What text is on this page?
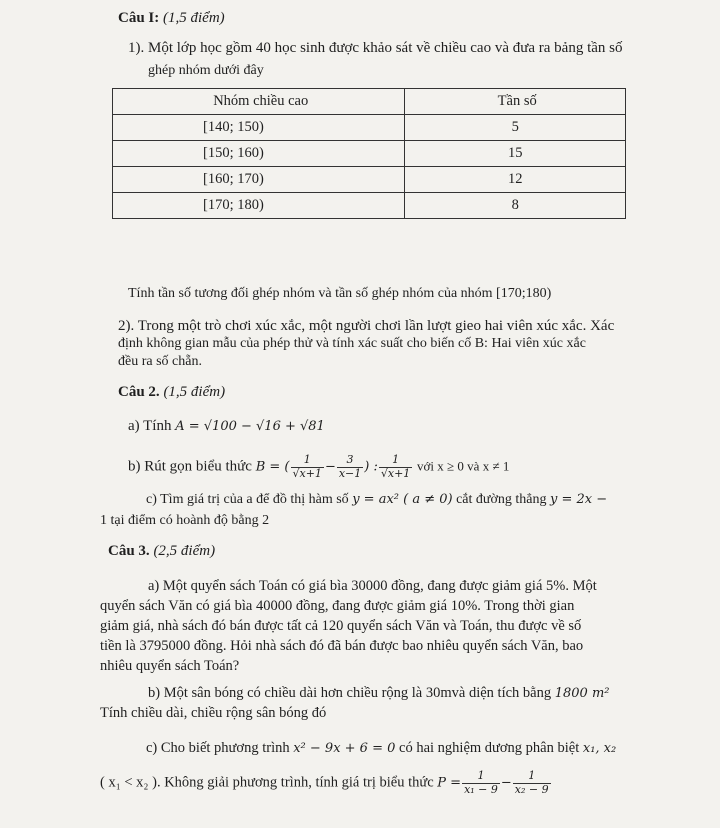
Câu I: (1,5 điểm)
1). Một lớp học gồm 40 học sinh được khảo sát về chiều cao và đưa ra bảng tần số
ghép nhóm dưới đây
Nhóm chiều cao	Tần số
[140; 150)	5
[150; 160)	15
[160; 170)	12
[170; 180)	8
Tính tần số tương đối ghép nhóm và tần số ghép nhóm của nhóm [170;180)
2). Trong một trò chơi xúc xắc, một người chơi lần lượt gieo hai viên xúc xắc. Xác
định không gian mẫu của phép thử và tính xác suất cho biến cố B: Hai viên xúc xắc
đều ra số chẵn.
Câu 2. (1,5 điểm)
a) Tính A = √100 − √16 + √81
b) Rút gọn biểu thức B = ( $\frac{1}{√x+1} - \frac{3}{x-1}$ ) : $\frac{1}{√x+1}$ với x ≥ 0 và x ≠ 1
c) Tìm giá trị của a để đồ thị hàm số y = ax² ( a ≠ 0) cắt đường thẳng y = 2x −
1 tại điểm có hoành độ bằng 2
Câu 3. (2,5 điểm)
a) Một quyển sách Toán có giá bìa 30000 đồng, đang được giảm giá 5%. Một
quyển sách Văn có giá bìa 40000 đồng, đang được giảm giá 10%. Trong thời gian
giảm giá, nhà sách đó bán được tất cả 120 quyển sách Văn và Toán, thu được về số
tiền là 3795000 đồng. Hỏi nhà sách đó đã bán được bao nhiêu quyển sách Văn, bao
nhiêu quyển sách Toán?
b) Một sân bóng có chiều dài hơn chiều rộng là 30mvà diện tích bằng 1800 m²
Tính chiều dài, chiều rộng sân bóng đó
c) Cho biết phương trình x² − 9x + 6 = 0 có hai nghiệm dương phân biệt x₁, x₂
( x₁ < x₂ ). Không giải phương trình, tính giá trị biểu thức $P = \frac{1}{\text{x₁ − 9}} - \frac{1}{\text{x₂ − 9}}$
